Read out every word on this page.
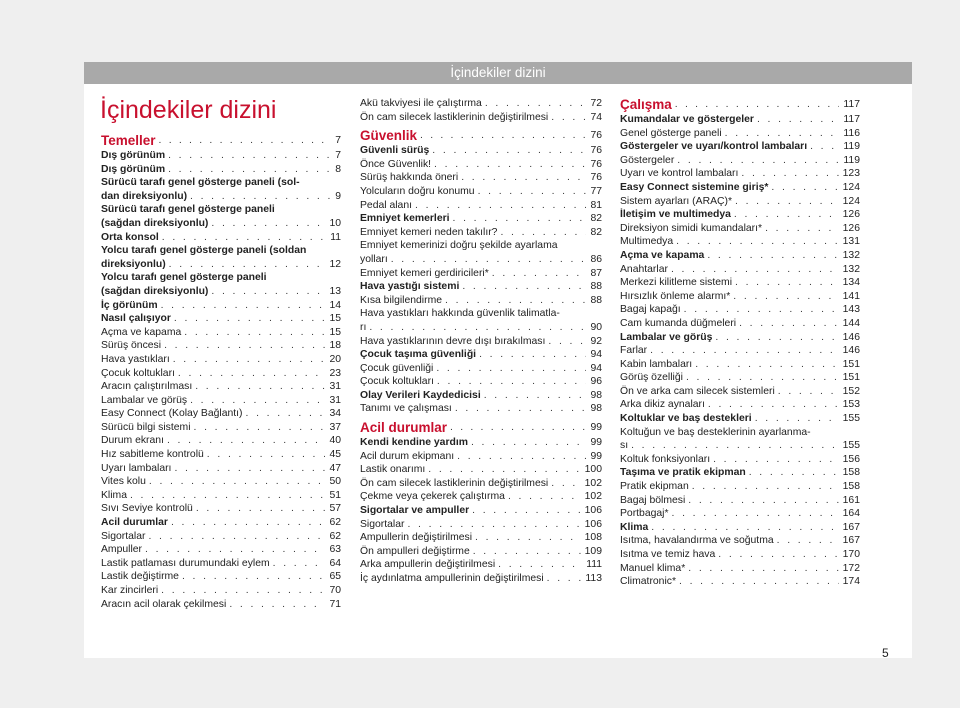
İçindekiler dizini
İçindekiler dizini
Temeller . . .	7
Dış görünüm . . .	7
Dış görünüm . . .	8
Sürücü tarafı genel gösterge paneli (sol-
dan direksiyonlu) . . .	9
Sürücü tarafı genel gösterge paneli
(sağdan direksiyonlu) . . .	10
Orta konsol . . .	11
Yolcu tarafı genel gösterge paneli (soldan
direksiyonlu) . . .	12
Yolcu tarafı genel gösterge paneli
(sağdan direksiyonlu) . . .	13
İç görünüm . . .	14
Nasıl çalışıyor . . .	15
Açma ve kapama . . .	15
Sürüş öncesi . . .	18
Hava yastıkları . . .	20
Çocuk koltukları . . .	23
Aracın çalıştırılması . . .	31
Lambalar ve görüş . . .	31
Easy Connect (Kolay Bağlantı) . . .	34
Sürücü bilgi sistemi . . .	37
Durum ekranı . . .	40
Hız sabitleme kontrolü . . .	45
Uyarı lambaları . . .	47
Vites kolu . . .	50
Klima . . .	51
Sıvı Seviye kontrolü . . .	57
Acil durumlar . . .	62
Sigortalar . . .	62
Ampuller . . .	63
Lastik patlaması durumundaki eylem . . .	64
Lastik değiştirme . . .	65
Kar zincirleri . . .	70
Aracın acil olarak çekilmesi . . .	71
Akü takviyesi ile çalıştırma . . .	72
Ön cam silecek lastiklerinin değiştirilmesi . . .	74
Güvenlik . . .	76
Güvenli sürüş . . .	76
Önce Güvenlik! . . .	76
Sürüş hakkında öneri . . .	76
Yolcuların doğru konumu . . .	77
Pedal alanı . . .	81
Emniyet kemerleri . . .	82
Emniyet kemeri neden takılır? . . .	82
Emniyet kemerinizi doğru şekilde ayarlama
yolları . . .	86
Emniyet kemeri gerdiricileri* . . .	87
Hava yastığı sistemi . . .	88
Kısa bilgilendirme . . .	88
Hava yastıkları hakkında güvenlik talimatla-
rı . . .	90
Hava yastıklarının devre dışı bırakılması . . .	92
Çocuk taşıma güvenliği . . .	94
Çocuk güvenliği . . .	94
Çocuk koltukları . . .	96
Olay Verileri Kaydedicisi . . .	98
Tanımı ve çalışması . . .	98
Acil durumlar . . .	99
Kendi kendine yardım . . .	99
Acil durum ekipmanı . . .	99
Lastik onarımı . . .	100
Ön cam silecek lastiklerinin değiştirilmesi . . .	102
Çekme veya çekerek çalıştırma . . .	102
Sigortalar ve ampuller . . .	106
Sigortalar . . .	106
Ampullerin değiştirilmesi . . .	108
Ön ampulleri değiştirme . . .	109
Arka ampullerin değiştirilmesi . . .	111
İç aydınlatma ampullerinin değiştirilmesi . . .	113
Çalışma . . .	117
Kumandalar ve göstergeler . . .	117
Genel gösterge paneli . . .	116
Göstergeler ve uyarı/kontrol lambaları . . .	119
Göstergeler . . .	119
Uyarı ve kontrol lambaları . . .	123
Easy Connect sistemine giriş* . . .	124
Sistem ayarları (ARAÇ)* . . .	124
İletişim ve multimedya . . .	126
Direksiyon simidi kumandaları* . . .	126
Multimedya . . .	131
Açma ve kapama . . .	132
Anahtarlar . . .	132
Merkezi kilitleme sistemi . . .	134
Hırsızlık önleme alarmı* . . .	141
Bagaj kapağı . . .	143
Cam kumanda düğmeleri . . .	144
Lambalar ve görüş . . .	146
Farlar . . .	146
Kabin lambaları . . .	151
Görüş özelliği . . .	151
Ön ve arka cam silecek sistemleri . . .	152
Arka dikiz aynaları . . .	153
Koltuklar ve baş destekleri . . .	155
Koltuğun ve baş desteklerinin ayarlanma-
sı . . .	155
Koltuk fonksiyonları . . .	156
Taşıma ve pratik ekipman . . .	158
Pratik ekipman . . .	158
Bagaj bölmesi . . .	161
Portbagaj* . . .	164
Klima . . .	167
Isıtma, havalandırma ve soğutma . . .	167
Isıtma ve temiz hava . . .	170
Manuel klima* . . .	172
Climatronic* . . .	174
5
